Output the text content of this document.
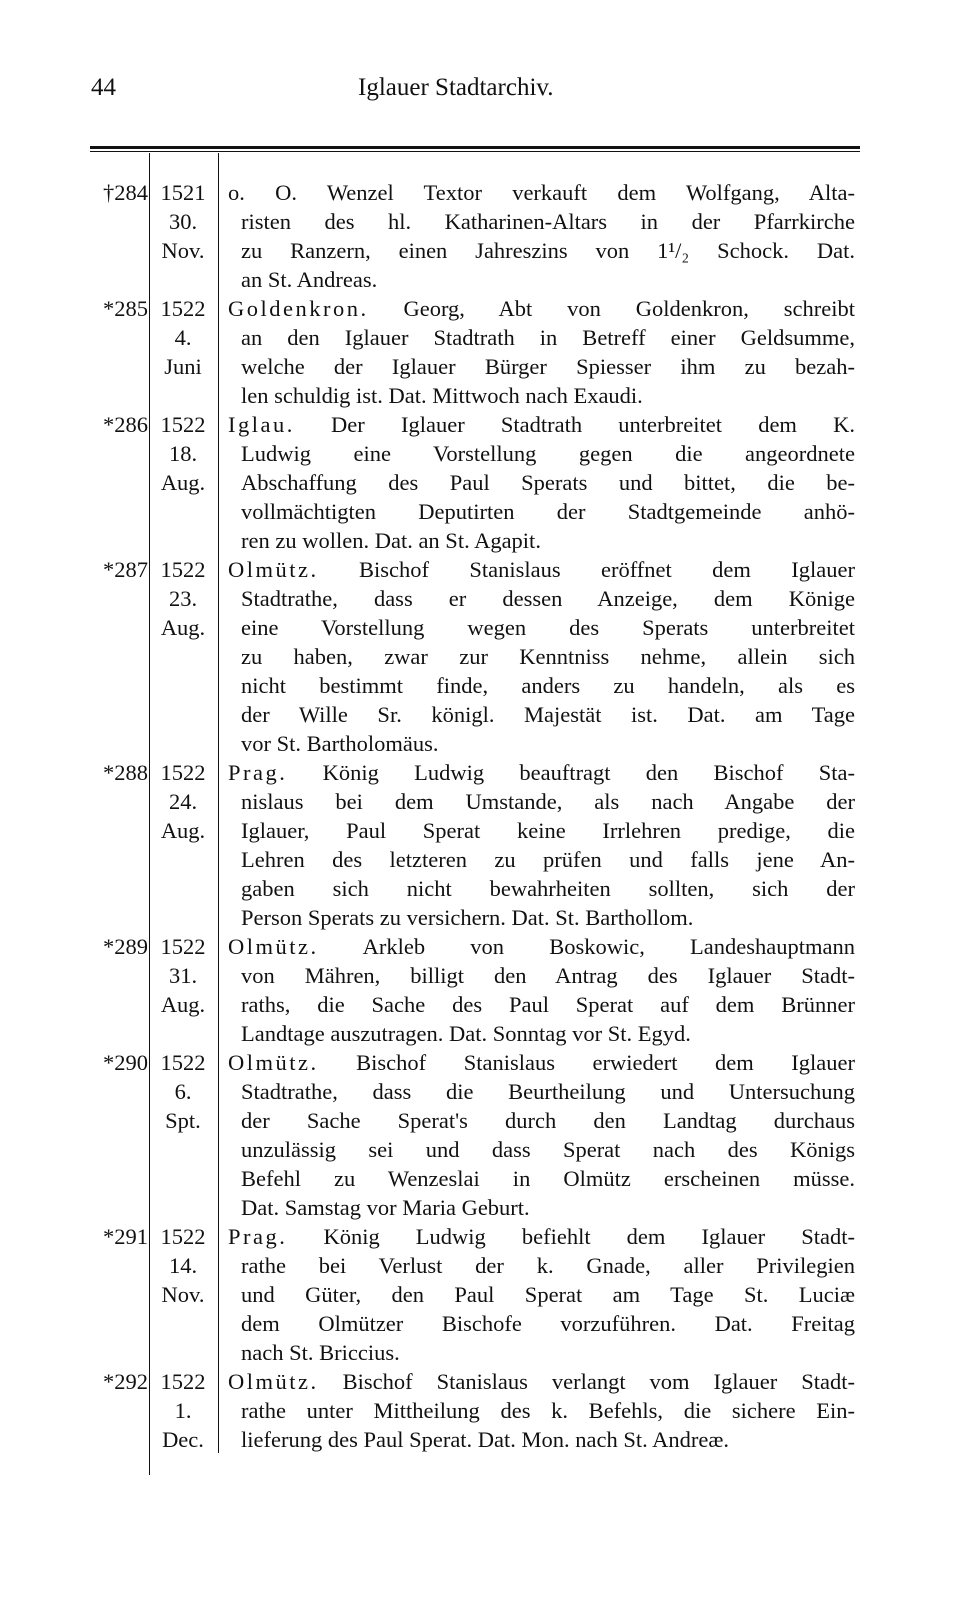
44	Iglauer Stadtarchiv.
†284 1521	o. O. Wenzel Textor verkauft dem Wolfgang, Alta-
30.	risten des hl. Katharinen-Altars in der Pfarrkirche
Nov.	zu Ranzern, einen Jahreszins von 1¹/₂ Schock. Dat.
an St. Andreas.
*285 1522	Goldenkron. Georg, Abt von Goldenkron, schreibt
4.	an den Iglauer Stadtrath in Betreff einer Geldsumme,
Juni	welche der Iglauer Bürger Spiesser ihm zu bezah-
len schuldig ist. Dat. Mittwoch nach Exaudi.
*286 1522	Iglau. Der Iglauer Stadtrath unterbreitet dem K.
18.	Ludwig eine Vorstellung gegen die angeordnete
Aug.	Abschaffung des Paul Sperats und bittet, die be-
vollmächtigten Deputirten der Stadtgemeinde anhö-
ren zu wollen. Dat. an St. Agapit.
*287 1522	Olmütz. Bischof Stanislaus eröffnet dem Iglauer
23.	Stadtrathe, dass er dessen Anzeige, dem Könige
Aug.	eine Vorstellung wegen des Sperats unterbreitet
zu haben, zwar zur Kenntniss nehme, allein sich
nicht bestimmt finde, anders zu handeln, als es
der Wille Sr. königl. Majestät ist. Dat. am Tage
vor St. Bartholomäus.
*288 1522	Prag. König Ludwig beauftragt den Bischof Sta-
24.	nislaus bei dem Umstande, als nach Angabe der
Aug.	Iglauer, Paul Sperat keine Irrlehren predige, die
Lehren des letzteren zu prüfen und falls jene An-
gaben sich nicht bewahrheiten sollten, sich der
Person Sperats zu versichern. Dat. St. Barthollom.
*289 1522	Olmütz. Arkleb von Boskowic, Landeshauptmann
31.	von Mähren, billigt den Antrag des Iglauer Stadt-
Aug.	raths, die Sache des Paul Sperat auf dem Brünner
Landtage auszutragen. Dat. Sonntag vor St. Egyd.
*290 1522	Olmütz. Bischof Stanislaus erwiedert dem Iglauer
6.	Stadtrathe, dass die Beurtheilung und Untersuchung
Spt.	der Sache Sperat's durch den Landtag durchaus
unzulässig sei und dass Sperat nach des Königs
Befehl zu Wenzeslai in Olmütz erscheinen müsse.
Dat. Samstag vor Maria Geburt.
*291 1522	Prag. König Ludwig befiehlt dem Iglauer Stadt-
14.	rathe bei Verlust der k. Gnade, aller Privilegien
Nov.	und Güter, den Paul Sperat am Tage St. Luciæ
dem Olmützer Bischofe vorzuführen. Dat. Freitag
nach St. Briccius.
*292 1522	Olmütz. Bischof Stanislaus verlangt vom Iglauer Stadt-
1.	rathe unter Mittheilung des k. Befehls, die sichere Ein-
Dec.	lieferung des Paul Sperat. Dat. Mon. nach St. Andreæ.
